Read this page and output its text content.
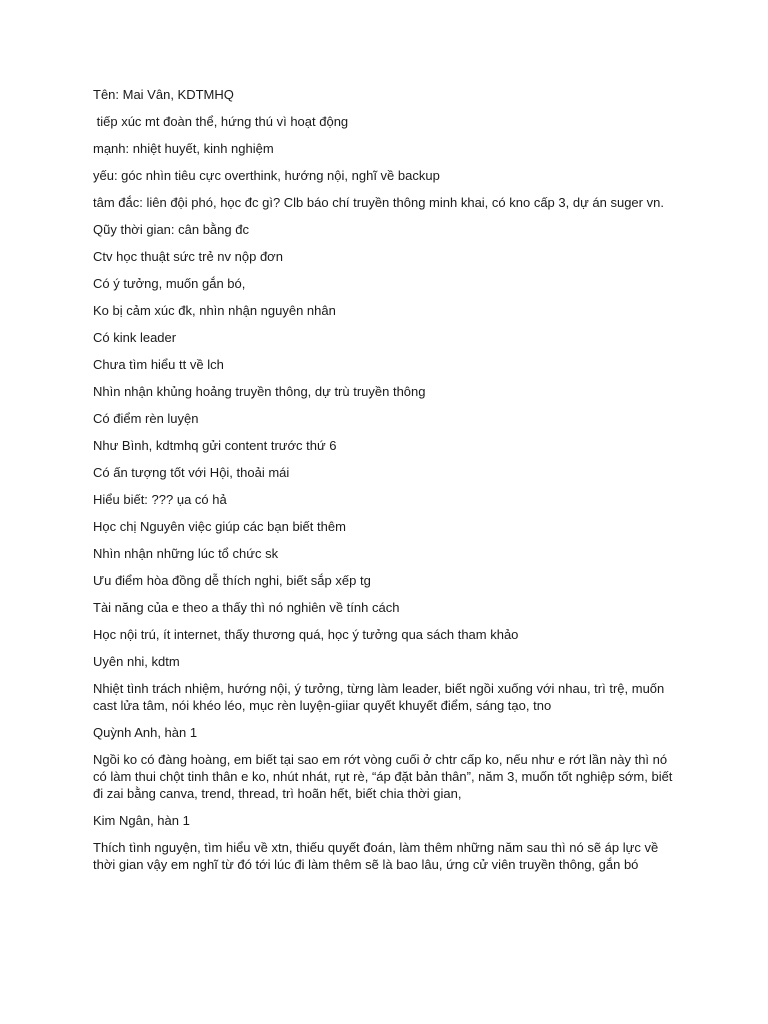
Tên: Mai Vân, KDTMHQ

tiếp xúc mt đoàn thể, hứng thú vì hoạt động

mạnh: nhiệt huyết, kinh nghiệm

yếu: góc nhìn tiêu cực overthink, hướng nội, nghĩ về backup

tâm đắc: liên đội phó, học đc gì? Clb báo chí truyền thông minh khai, có kno cấp 3, dự án suger vn.

Qũy thời gian: cân bằng đc

Ctv học thuật sức trẻ nv nộp đơn

Có ý tưởng, muốn gắn bó,

Ko bị cảm xúc đk, nhìn nhận nguyên nhân

Có kink leader

Chưa tìm hiểu tt về lch

Nhìn nhận khủng hoảng truyền thông, dự trù truyền thông

Có điểm rèn luyện

Như Bình, kdtmhq gửi content trước thứ 6

Có ấn tượng tốt với Hội, thoải mái

Hiểu biết: ??? ụa có hả

Học chị Nguyên việc giúp các bạn biết thêm

Nhìn nhận những lúc tổ chức sk

Ưu điểm hòa đồng dễ thích nghi, biết sắp xếp tg

Tài năng của e theo a thấy thì nó nghiên về tính cách

Học nội trú, ít internet, thấy thương quá, học ý tưởng qua sách tham khảo

Uyên nhi, kdtm

Nhiệt tình trách nhiệm, hướng nội, ý tưởng, từng làm leader, biết ngồi xuống với nhau, trì trệ, muốn cast lửa tâm, nói khéo léo, mục rèn luyện-giiar quyết khuyết điểm, sáng tạo, tno

Quỳnh Anh, hàn 1

Ngồi ko có đàng hoàng, em biết tại sao em rớt vòng cuối ở chtr cấp ko, nếu như e rớt lần này thì nó có làm thui chột tinh thân e ko, nhút nhát, rụt rè, “áp đặt bản thân”, năm 3, muốn tốt nghiệp sớm, biết đi zai bằng canva, trend, thread, trì hoãn hết, biết chia thời gian,

Kim Ngân, hàn 1

Thích tình nguyện, tìm hiểu về xtn, thiếu quyết đoán, làm thêm những năm sau thì nó sẽ áp lực về thời gian vậy em nghĩ từ đó tới lúc đi làm thêm sẽ là bao lâu, ứng cử viên truyền thông, gắn bó
